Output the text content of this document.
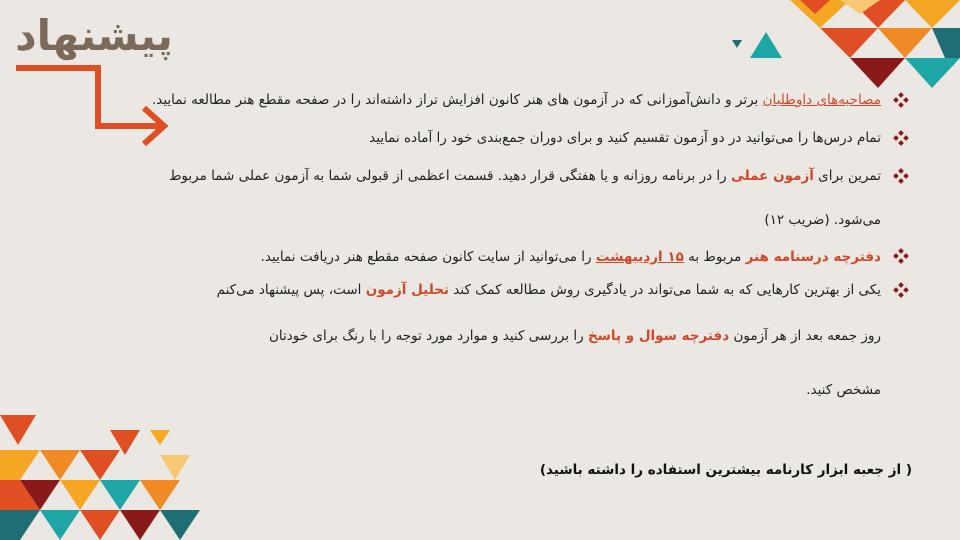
پیشنهاد
مصاحبه‌های داوطلبان برتر و دانش‌آموزانی که در آزمون های هنر کانون افزایش تراز داشته‌اند را در صفحه مقطع هنر مطالعه نمایید.
تمام درس‌ها را می‌توانید در دو آزمون تقسیم کنید و برای دوران جمع‌بندی خود را آماده نمایید
تمرین برای آزمون عملی را در برنامه روزانه و یا هفتگی قرار دهید. قسمت اعظمی از قبولی شما به آزمون عملی شما مربوط
می‌شود. (ضریب ۱۲)
دفترچه درسنامه هنر مربوط به ۱۵ اردیبهشت را می‌توانید از سایت کانون صفحه مقطع هنر دریافت نمایید.
یکی از بهترین کارهایی که به شما می‌تواند در یادگیری روش مطالعه کمک کند تحلیل آزمون است، پس پیشنهاد می‌کنم
روز جمعه بعد از هر آزمون دفترچه سوال و پاسخ را بررسی کنید و موارد مورد توجه را با رنگ برای خودتان
مشخص کنید.
( از جعبه ابزار کارنامه بیشترین استفاده را داشته باشید)
